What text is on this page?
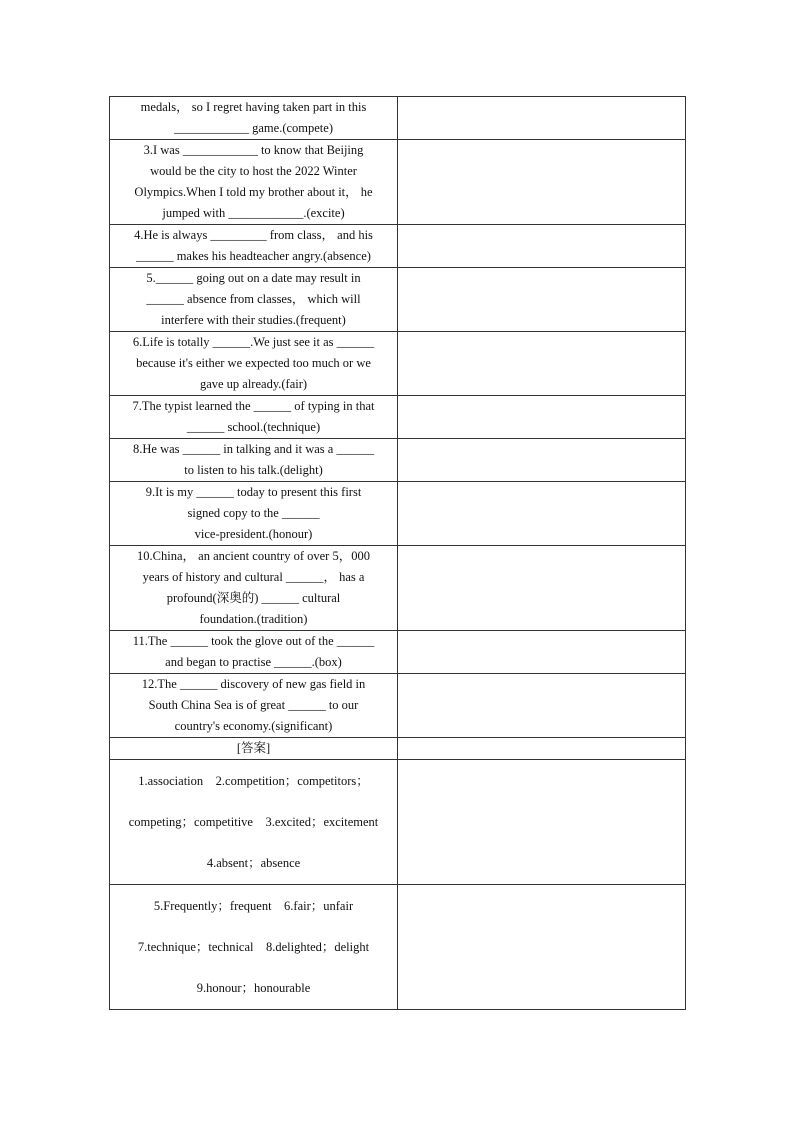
medals， so I regret having taken part in this
____________ game.(compete)	

3.I was ____________ to know that Beijing
would be the city to host the 2022 Winter
Olympics.When I told my brother about it， he
jumped with ____________.(excite)	

4.He is always _________ from class， and his
______ makes his headteacher angry.(absence)	

5.______ going out on a date may result in
______ absence from classes， which will
interfere with their studies.(frequent)	

6.Life is totally ______.We just see it as ______
because it's either we expected too much or we
gave up already.(fair)	

7.The typist learned the ______ of typing in that
______ school.(technique)	

8.He was ______ in talking and it was a ______
to listen to his talk.(delight)	

9.It is my ______ today to present this first
signed copy to the ______
vice-president.(honour)	

10.China， an ancient country of over 5，000
years of history and cultural ______， has a
profound(深奥的) ______ cultural
foundation.(tradition)	

11.The ______ took the glove out of the ______
and began to practise ______.(box)	

12.The ______ discovery of new gas field in
South China Sea is of great ______ to our
country's economy.(significant)	

[答案]	

1.association　2.competition；competitors；
competing；competitive　3.excited；excitement
4.absent；absence	

5.Frequently；frequent　6.fair；unfair
7.technique；technical　8.delighted；delight
9.honour；honourable	
